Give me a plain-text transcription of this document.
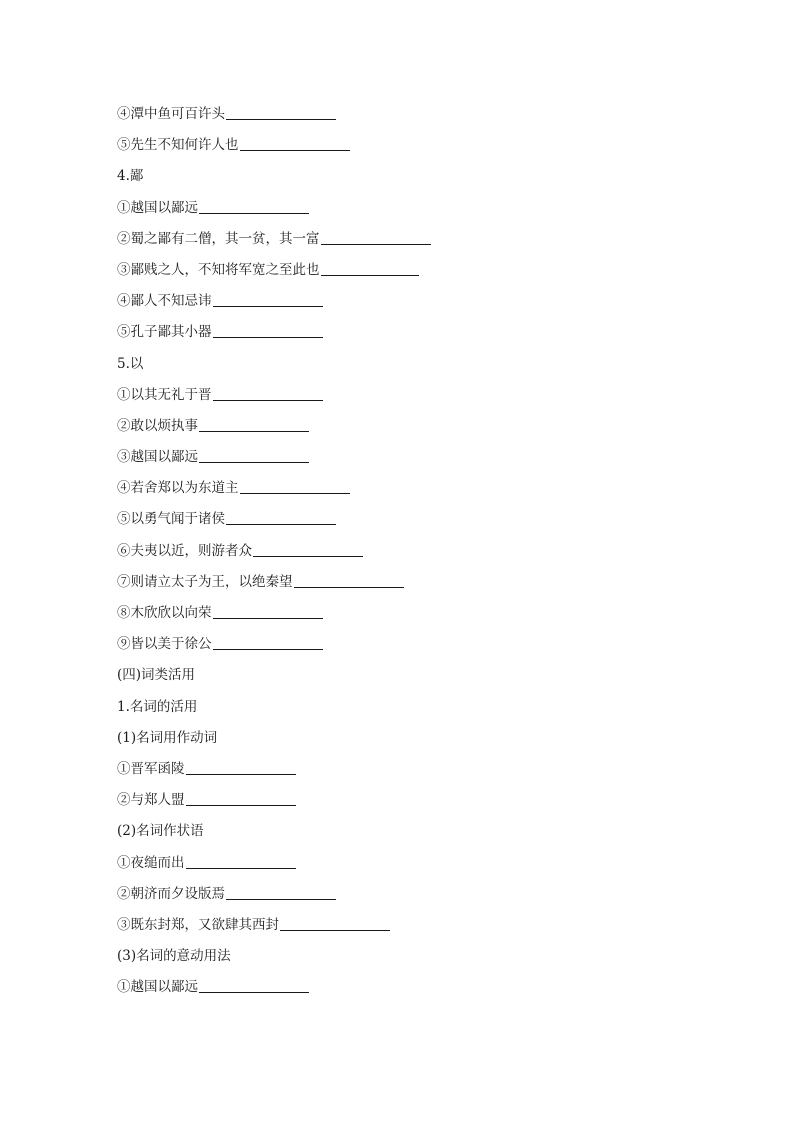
④潭中鱼可百许头
⑤先生不知何许人也
4.鄙
①越国以鄙远
②蜀之鄙有二僧，其一贫，其一富
③鄙贱之人，不知将军宽之至此也
④鄙人不知忌讳
⑤孔子鄙其小器
5.以
①以其无礼于晋
②敢以烦执事
③越国以鄙远
④若舍郑以为东道主
⑤以勇气闻于诸侯
⑥夫夷以近，则游者众
⑦则请立太子为王，以绝秦望
⑧木欣欣以向荣
⑨皆以美于徐公
(四)词类活用
1.名词的活用
(1)名词用作动词
①晋军函陵
②与郑人盟
(2)名词作状语
①夜缒而出
②朝济而夕设版焉
③既东封郑，又欲肆其西封
(3)名词的意动用法
①越国以鄙远
